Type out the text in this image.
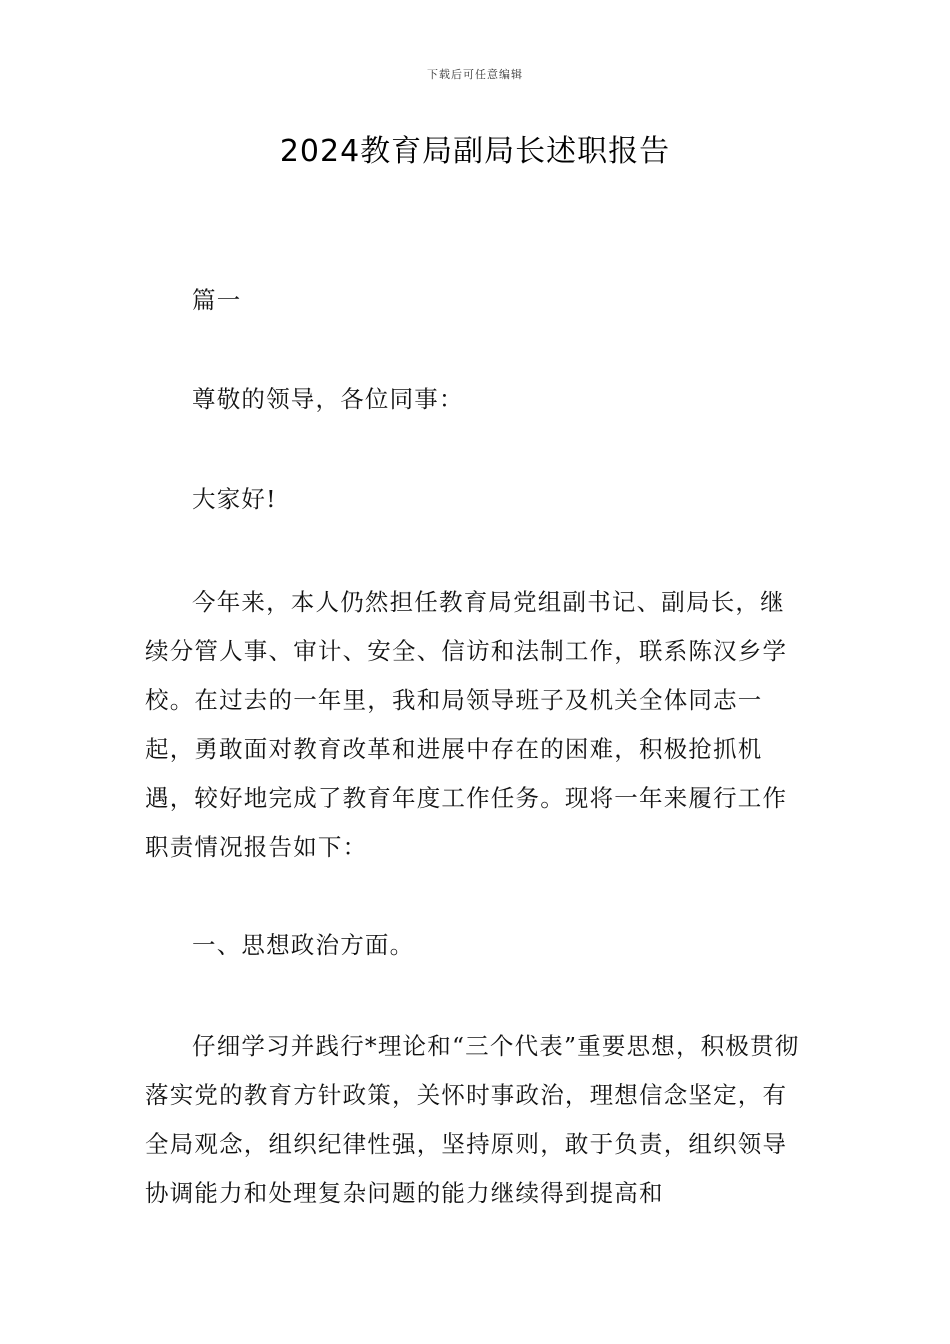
下载后可任意编辑
2024教育局副局长述职报告

篇一

尊敬的领导，各位同事：

大家好!

今年来，本人仍然担任教育局党组副书记、副局长，继续分管人事、审计、安全、信访和法制工作，联系陈汉乡学校。在过去的一年里，我和局领导班子及机关全体同志一起，勇敢面对教育改革和进展中存在的困难，积极抢抓机遇，较好地完成了教育年度工作任务。现将一年来履行工作职责情况报告如下：

一、思想政治方面。

仔细学习并践行*理论和“三个代表”重要思想，积极贯彻落实党的教育方针政策，关怀时事政治，理想信念坚定，有全局观念，组织纪律性强，坚持原则，敢于负责，组织领导协调能力和处理复杂问题的能力继续得到提高和
